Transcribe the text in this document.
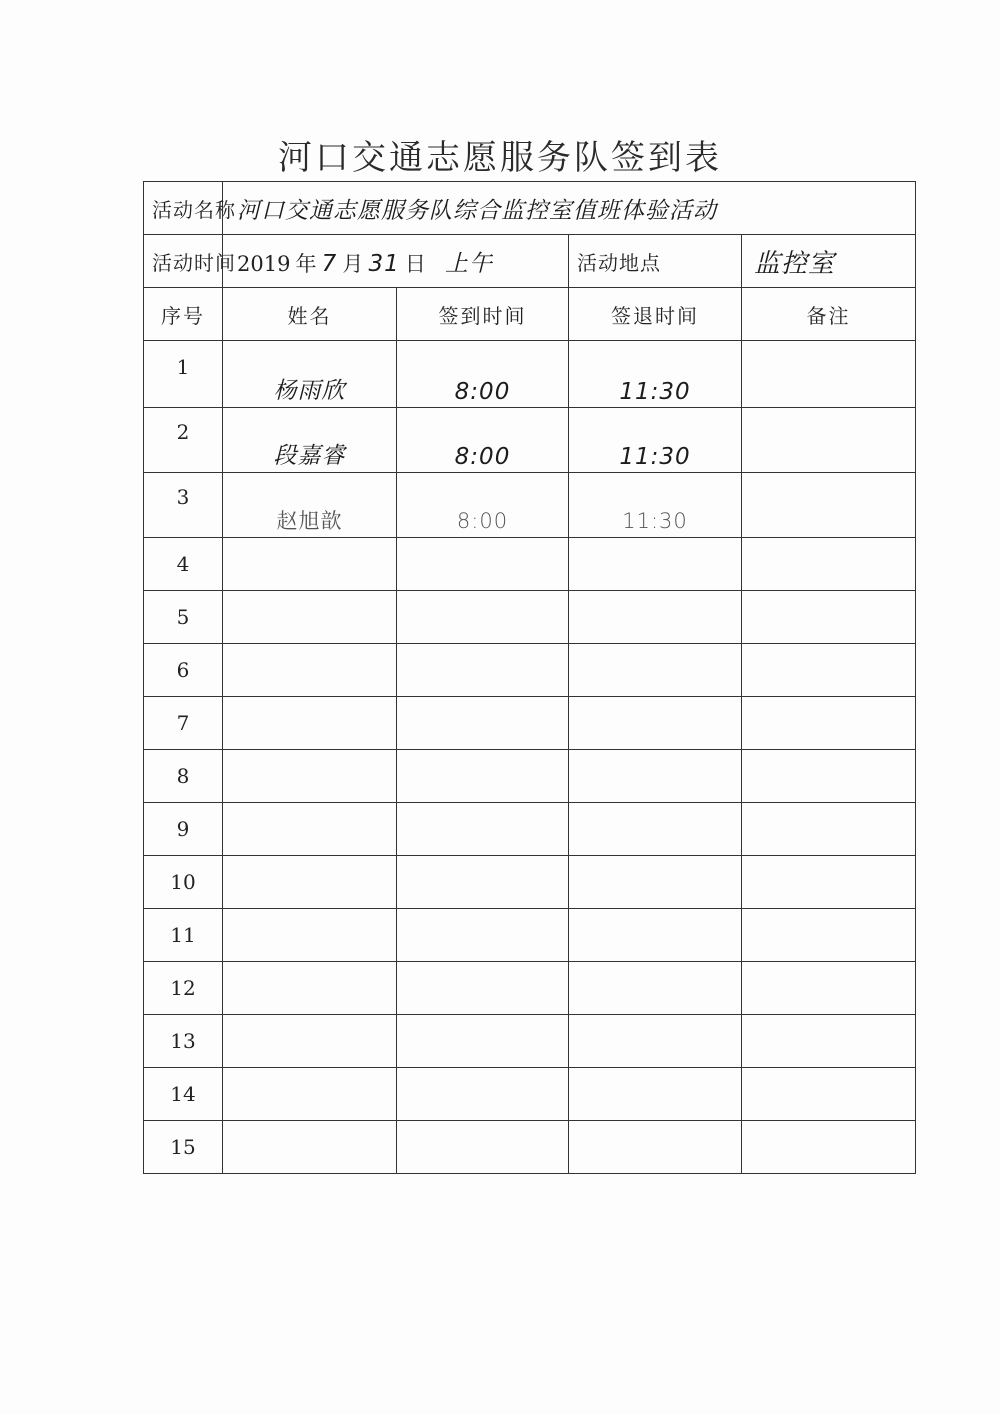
河口交通志愿服务队签到表
活动名称	河口交通志愿服务队综合监控室值班体验活动			
活动时间	2019 年 7 月 31 日 上午		活动地点	监控室
序号	姓名	签到时间	签退时间	备注
1	杨雨欣	8:00	11:30	
2	段嘉睿	8:00	11:30	
3	赵旭歆	8:00	11:30	
4				
5				
6				
7				
8				
9				
10				
11				
12				
13				
14				
15				
